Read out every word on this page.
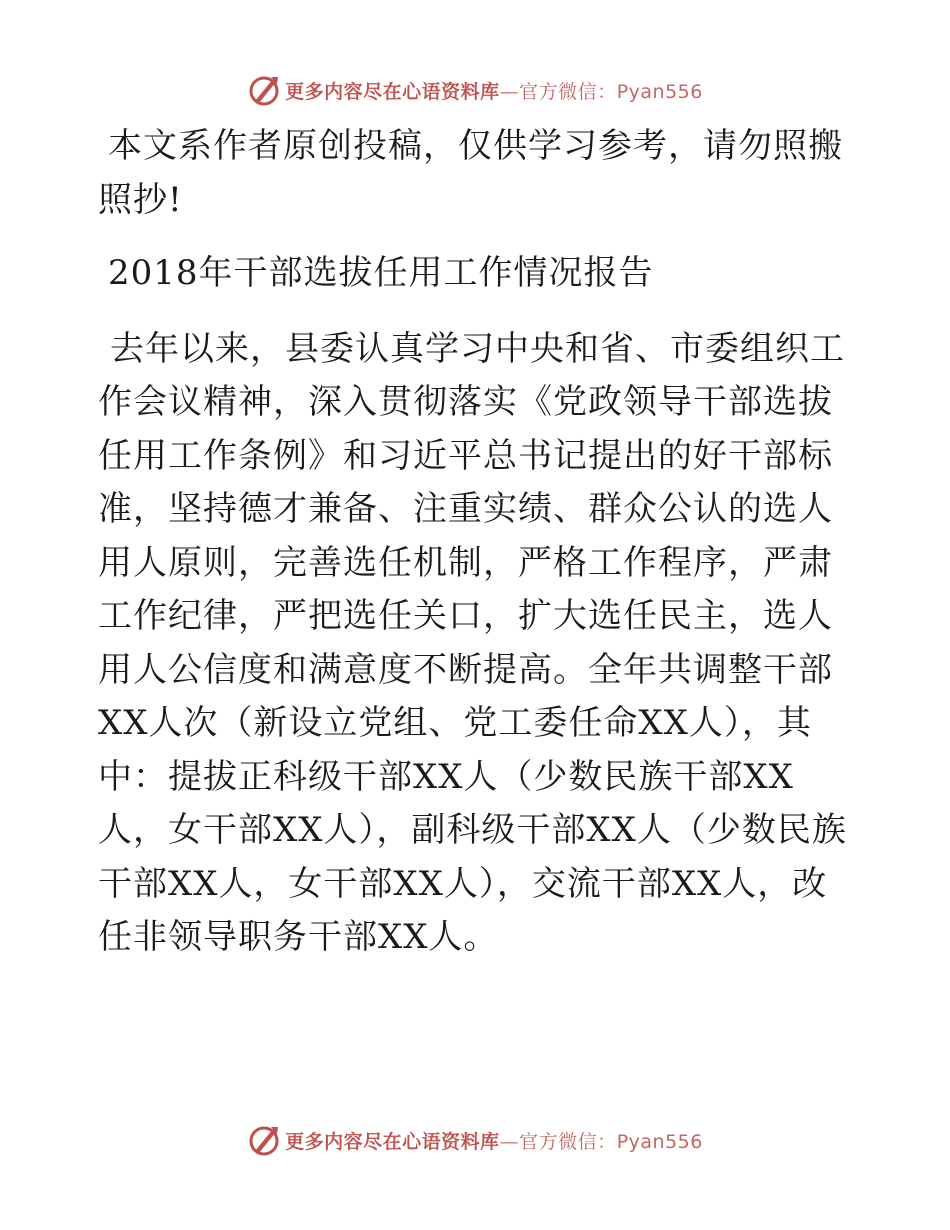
更多内容尽在心语资料库—官方微信：Pyan556

本文系作者原创投稿，仅供学习参考，请勿照搬照抄!

2018年干部选拔任用工作情况报告

去年以来，县委认真学习中央和省、市委组织工作会议精神，深入贯彻落实《党政领导干部选拔任用工作条例》和习近平总书记提出的好干部标准，坚持德才兼备、注重实绩、群众公认的选人用人原则，完善选任机制，严格工作程序，严肃工作纪律，严把选任关口，扩大选任民主，选人用人公信度和满意度不断提高。全年共调整干部XX人次（新设立党组、党工委任命XX人），其中：提拔正科级干部XX人（少数民族干部XX人，女干部XX人），副科级干部XX人（少数民族干部XX人，女干部XX人），交流干部XX人，改任非领导职务干部XX人。

更多内容尽在心语资料库—官方微信：Pyan556
